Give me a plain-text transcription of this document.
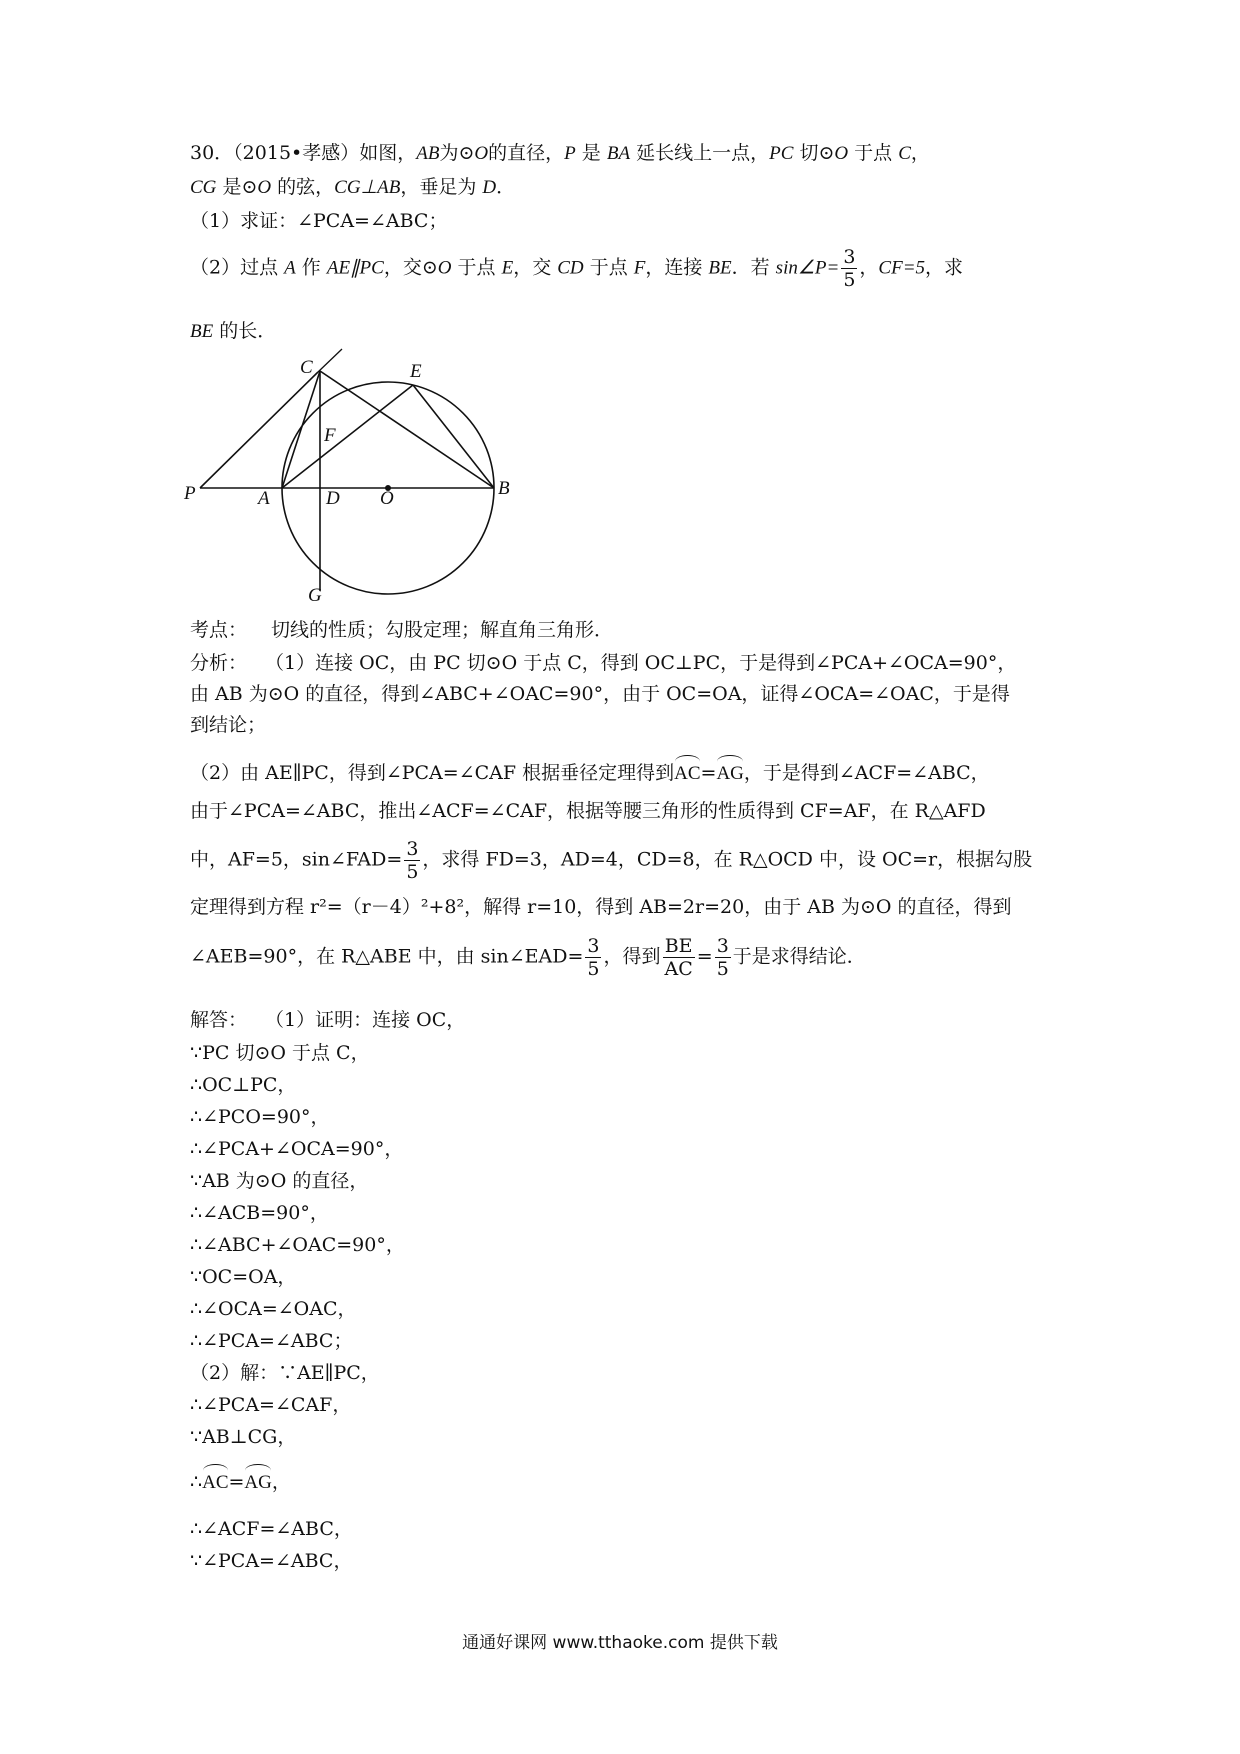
30．（2015•孝感）如图，AB为⊙O的直径，P 是 BA 延长线上一点，PC 切⊙O 于点 C，
CG 是⊙O 的弦，CG⊥AB，垂足为 D．
（1）求证：∠PCA=∠ABC；
（2）过点 A 作 AE∥PC，交⊙O 于点 E，交 CD 于点 F，连接 BE．若 sin∠P= $\frac{3}{5}$ ，CF=5，求
BE 的长．
C	E
F
P	A	D O	B
G
考点： 切线的性质；勾股定理；解直角三角形．
分析： （1）连接 OC，由 PC 切⊙O 于点 C，得到 OC⊥PC，于是得到∠PCA+∠OCA=90°，
由 AB 为⊙O 的直径，得到∠ABC+∠OAC=90°，由于 OC=OA，证得∠OCA=∠OAC，于是得
到结论；
（2）由 AE∥PC，得到∠PCA=∠CAF 根据垂径定理得到AC=AG，于是得到∠ACF=∠ABC，
由于∠PCA=∠ABC，推出∠ACF=∠CAF，根据等腰三角形的性质得到 CF=AF，在 R△AFD
中，AF=5，sin∠FAD= $\frac{3}{5}$ ，求得 FD=3，AD=4，CD=8，在 R△OCD 中，设 OC=r，根据勾股
定理得到方程 r²=（r－4）²+8²，解得 r=10，得到 AB=2r=20，由于 AB 为⊙O 的直径，得到
∠AEB=90°，在 R△ABE 中，由 sin∠EAD= $\frac{3}{5}$ ，得到 $\frac{BE}{AC} = \frac{3}{5}$ 于是求得结论．
解答： （1）证明：连接 OC，
∵PC 切⊙O 于点 C，
∴OC⊥PC，
∴∠PCO=90°，
∴∠PCA+∠OCA=90°，
∵AB 为⊙O 的直径，
∴∠ACB=90°，
∴∠ABC+∠OAC=90°，
∵OC=OA，
∴∠OCA=∠OAC，
∴∠PCA=∠ABC；
（2）解：∵AE∥PC，
∴∠PCA=∠CAF，
∵AB⊥CG，
∴AC=AG，
∴∠ACF=∠ABC，
∵∠PCA=∠ABC，
通通好课网 www.tthaoke.com 提供下载
